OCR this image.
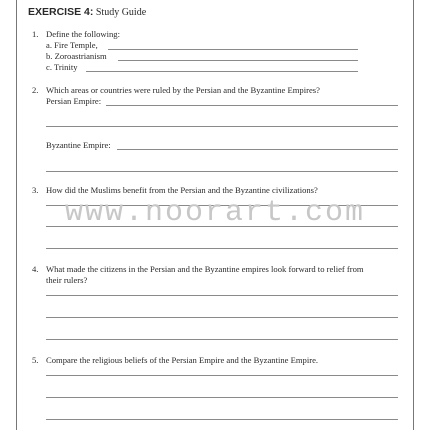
EXERCISE 4: Study Guide
1. Define the following:
a. Fire Temple,
b. Zoroastrianism
c. Trinity
2. Which areas or countries were ruled by the Persian and the Byzantine Empires?
Persian Empire:
Byzantine Empire:
3. How did the Muslims benefit from the Persian and the Byzantine civilizations?
www.noorart.com
4. What made the citizens in the Persian and the Byzantine empires look forward to relief from
their rulers?
5. Compare the religious beliefs of the Persian Empire and the Byzantine Empire.
